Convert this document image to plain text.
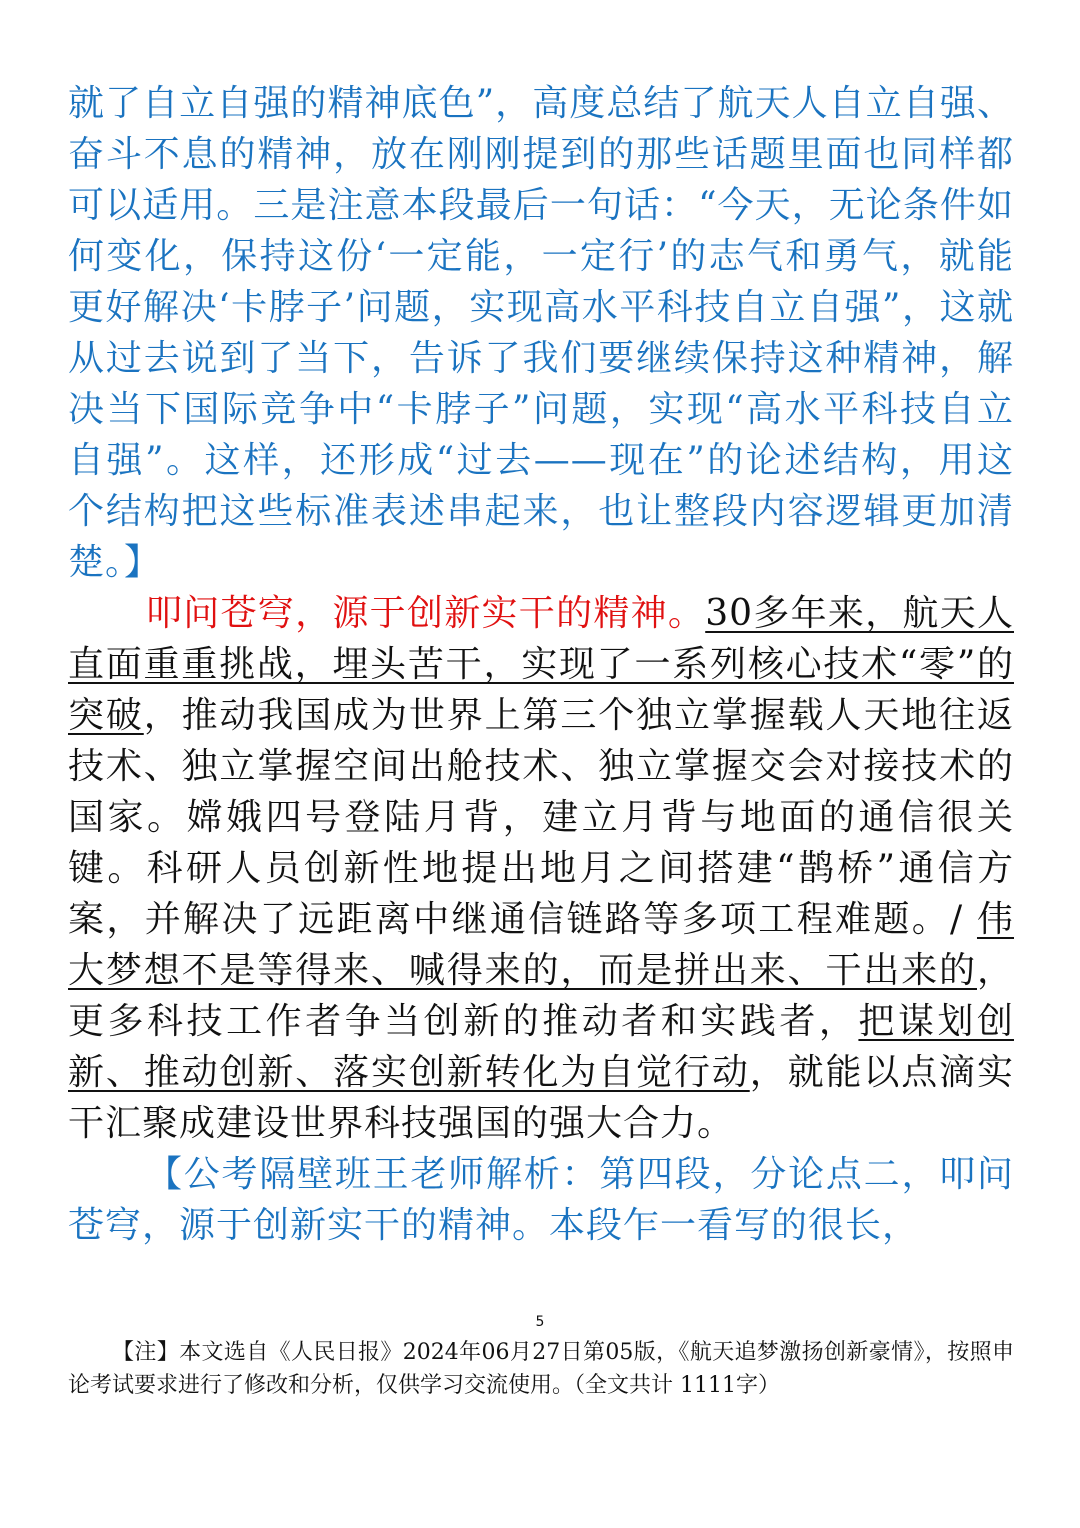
就了自立自强的精神底色”，高度总结了航天人自立自强、奋斗不息的精神，放在刚刚提到的那些话题里面也同样都可以适用。三是注意本段最后一句话：“今天，无论条件如何变化，保持这份‘一定能，一定行’的志气和勇气，就能更好解决‘卡脖子’问题，实现高水平科技自立自强”，这就从过去说到了当下，告诉了我们要继续保持这种精神，解决当下国际竞争中“卡脖子”问题，实现“高水平科技自立自强”。这样，还形成“过去——现在”的论述结构，用这个结构把这些标准表述串起来，也让整段内容逻辑更加清楚。】

叩问苍穹，源于创新实干的精神。30多年来，航天人直面重重挑战，埋头苦干，实现了一系列核心技术“零”的突破，推动我国成为世界上第三个独立掌握载人天地往返技术、独立掌握空间出舱技术、独立掌握交会对接技术的国家。嫦娥四号登陆月背，建立月背与地面的通信很关键。科研人员创新性地提出地月之间搭建“鹊桥”通信方案，并解决了远距离中继通信链路等多项工程难题。/ 伟大梦想不是等得来、喊得来的，而是拼出来、干出来的，更多科技工作者争当创新的推动者和实践者，把谋划创新、推动创新、落实创新转化为自觉行动，就能以点滴实干汇聚成建设世界科技强国的强大合力。

【公考隔壁班王老师解析：第四段，分论点二，叩问苍穹，源于创新实干的精神。本段乍一看写的很长，

5
【注】本文选自《人民日报》2024年06月27日第05版，《航天追梦激扬创新豪情》，按照申论考试要求进行了修改和分析，仅供学习交流使用。（全文共计 1111字）
